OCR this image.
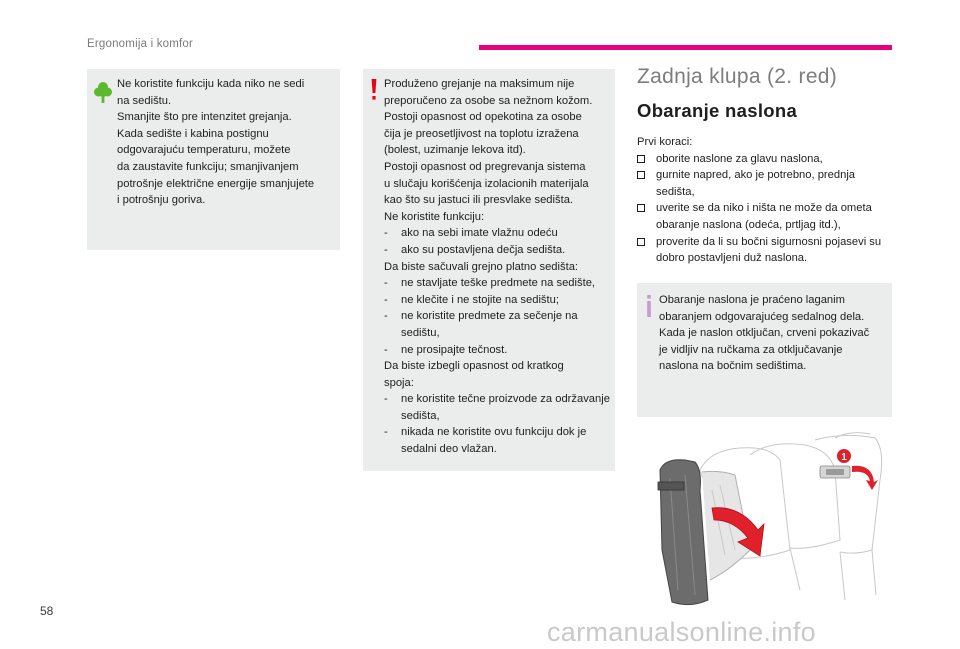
Ergonomija i komfor
Ne koristite funkciju kada niko ne sedi
na sedištu.
Smanjite što pre intenzitet grejanja.
Kada sedište i kabina postignu
odgovarajuću temperaturu, možete
da zaustavite funkciju; smanjivanjem
potrošnje električne energije smanjujete
i potrošnju goriva.
Produženo grejanje na maksimum nije
preporučeno za osobe sa nežnom kožom.
Postoji opasnost od opekotina za osobe
čija je preosetljivost na toplotu izražena
(bolest, uzimanje lekova itd).
Postoji opasnost od pregrevanja sistema
u slučaju korišćenja izolacionih materijala
kao što su jastuci ili presvlake sedišta.
Ne koristite funkciju:
- ako na sebi imate vlažnu odeću
- ako su postavljena dečja sedišta.
Da biste sačuvali grejno platno sedišta:
- ne stavljate teške predmete na sedište,
- ne klečite i ne stojite na sedištu;
- ne koristite predmete za sečenje na sedištu,
- ne prosipajte tečnost.
Da biste izbegli opasnost od kratkog
spoja:
- ne koristite tečne proizvode za održavanje sedišta,
- nikada ne koristite ovu funkciju dok je sedalni deo vlažan.
Zadnja klupa (2. red)
Obaranje naslona
Prvi koraci:
oborite naslone za glavu naslona,
gurnite napred, ako je potrebno, prednja sedišta,
uverite se da niko i ništa ne može da ometa obaranje naslona (odeća, prtljag itd.),
proverite da li su bočni sigurnosni pojasevi su dobro postavljeni duž naslona.
Obaranje naslona je praćeno laganim
obaranjem odgovarajućeg sedalnog dela.
Kada je naslon otključan, crveni pokazivač
je vidljiv na ručkama za otključavanje
naslona na bočnim sedištima.
1
58
carmanualsonline.info
